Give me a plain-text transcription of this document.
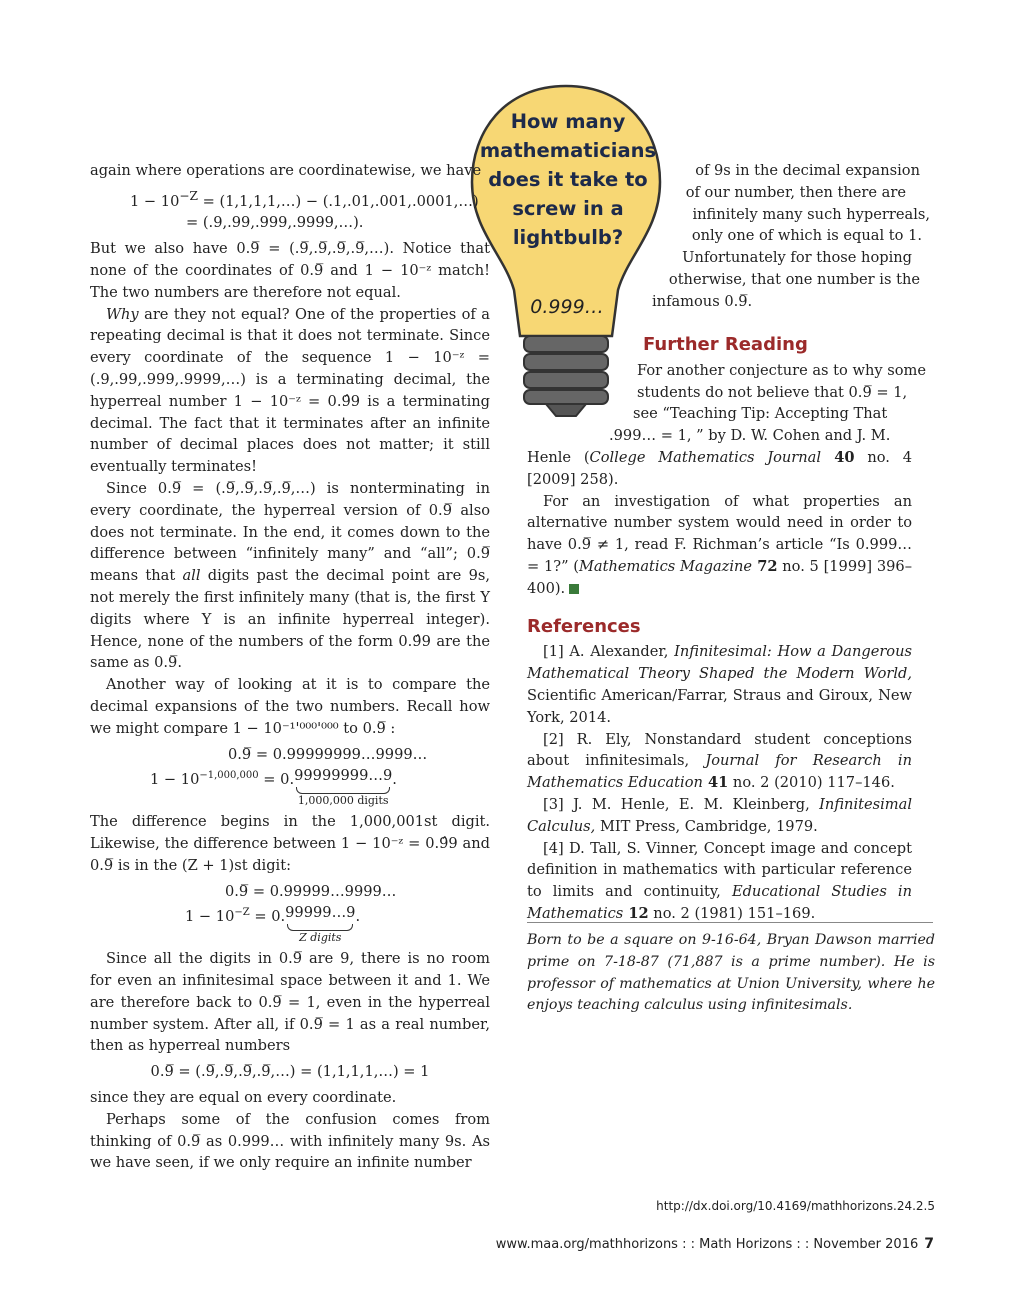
How many
mathematicians
does it take to
screw in a
lightbulb?
0.999…

again where operations are coordinatewise, we have

$1 - 10^{-Z}$ = (1,1,1,1,…) − (.1,.01,.001,.0001,…)
= (.9,.99,.999,.9999,…).

But we also have 0.9̅ = (.9̅,.9̅,.9̅,.9̅,…). Notice that none of the coordinates of 0.9̅ and 1 − 10⁻ᶻ match! The two numbers are therefore not equal.

Why are they not equal? One of the properties of a repeating decimal is that it does not terminate. Since every coordinate of the sequence 1 − 10⁻ᶻ = (.9,.99,.999,.9999,…) is a terminating decimal, the hyperreal number 1 − 10⁻ᶻ = 0.9̂9 is a terminating decimal. The fact that it terminates after an infinite number of decimal places does not matter; it still eventually terminates!

Since 0.9̅ = (.9̅,.9̅,.9̅,.9̅,…) is nonterminating in every coordinate, the hyperreal version of 0.9̅ also does not terminate. In the end, it comes down to the difference between “infinitely many” and “all”; 0.9̅ means that all digits past the decimal point are 9s, not merely the first infinitely many (that is, the first Y digits where Y is an infinite hyperreal integer). Hence, none of the numbers of the form 0.9̂9 are the same as 0.9̅.

Another way of looking at it is to compare the decimal expansions of the two numbers. Recall how we might compare 1 − 10⁻¹'⁰⁰⁰'⁰⁰⁰ to 0.9̅ :

0.9̅ = 0.99999999…9999…
$1 - 10^{-1,000,000}$ = 0.99999999…9
1,000,000 digits
.

The difference begins in the 1,000,001st digit. Likewise, the difference between 1 − 10⁻ᶻ = 0.9̂9 and 0.9̅ is in the (Z + 1)st digit:

0.9̅ = 0.99999…9999…
$1 - 10^{-Z}$ = 0.99999…9
Z digits
.

Since all the digits in 0.9̅ are 9, there is no room for even an infinitesimal space between it and 1. We are therefore back to 0.9̅ = 1, even in the hyperreal number system. After all, if 0.9̅ = 1 as a real number, then as hyperreal numbers

0.9̅ = (.9̅,.9̅,.9̅,.9̅,…) = (1,1,1,1,…) = 1

since they are equal on every coordinate.

Perhaps some of the confusion comes from thinking of 0.9̅ as 0.999… with infinitely many 9s. As we have seen, if we only require an infinite number

of 9s in the decimal expansion
of our number, then there are
infinitely many such hyperreals,
only one of which is equal to 1.
Unfortunately for those hoping
otherwise, that one number is the
infamous 0.9̅.
Further Reading
For another conjecture as to why some
students do not believe that 0.9̅ = 1,
see “Teaching Tip: Accepting That
.999… = 1, ” by D. W. Cohen and J. M.

Henle (College Mathematics Journal 40 no. 4 [2009] 258).

For an investigation of what properties an alternative number system would need in order to have 0.9̅ ≠ 1, read F. Richman’s article “Is 0.999… = 1?” (Mathematics Magazine 72 no. 5 [1999] 396–400).

References

[1] A. Alexander, Infinitesimal: How a Dangerous Mathematical Theory Shaped the Modern World, Scientific American/Farrar, Straus and Giroux, New York, 2014.

[2] R. Ely, Nonstandard student conceptions about infinitesimals, Journal for Research in Mathematics Education 41 no. 2 (2010) 117–146.

[3] J. M. Henle, E. M. Kleinberg, Infinitesimal Calculus, MIT Press, Cambridge, 1979.

[4] D. Tall, S. Vinner, Concept image and concept definition in mathematics with particular reference to limits and continuity, Educational Studies in Mathematics 12 no. 2 (1981) 151–169.

Born to be a square on 9-16-64, Bryan Dawson married prime on 7-18-87 (71,887 is a prime number). He is professor of mathematics at Union University, where he enjoys teaching calculus using infinitesimals.
http://dx.doi.org/10.4169/mathhorizons.24.2.5
www.maa.org/mathhorizons : : Math Horizons : : November 2016 7
